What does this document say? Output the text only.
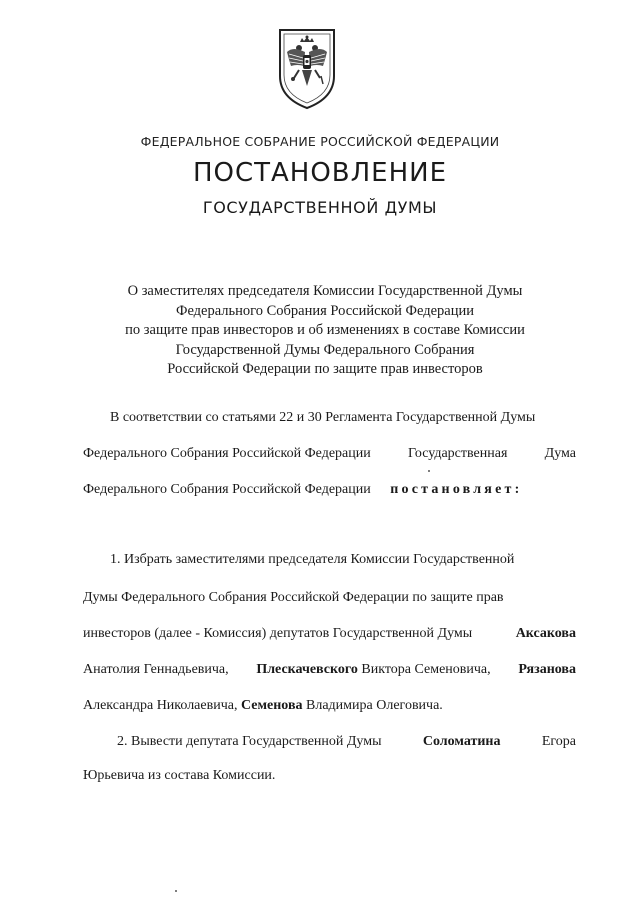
ФЕДЕРАЛЬНОЕ СОБРАНИЕ РОССИЙСКОЙ ФЕДЕРАЦИИ
ПОСТАНОВЛЕНИЕ
ГОСУДАРСТВЕННОЙ ДУМЫ
О заместителях председателя Комиссии Государственной Думы
Федерального Собрания Российской Федерации
по защите прав инвесторов и об изменениях в составе Комиссии
Государственной Думы Федерального Собрания
Российской Федерации по защите прав инвесторов
В соответствии со статьями 22 и 30 Регламента Государственной Думы
Федерального Собрания Российской Федерации	Государственная	Дума
Федерального Собрания Российской Федерации постановляет:
1. Избрать заместителями председателя Комиссии Государственной
Думы Федерального Собрания Российской Федерации по защите прав
инвесторов (далее - Комиссия) депутатов Государственной Думы	Аксакова
Анатолия Геннадьевича, Плескачевского Виктора Семеновича, Рязанова
Александра Николаевича, Семенова Владимира Олеговича.
2. Вывести депутата Государственной Думы	Соломатина	Егора
Юрьевича из состава Комиссии.
